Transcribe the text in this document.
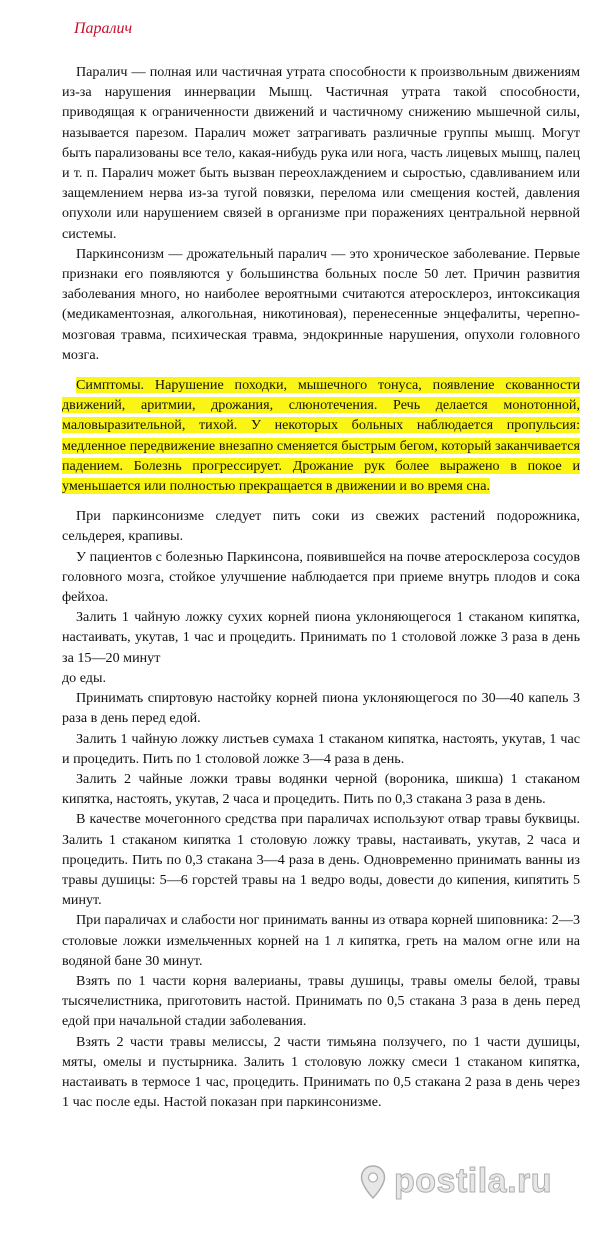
Паралич

Паралич — полная или частичная утрата способности к произвольным движениям из-за нарушения иннервации Мышц. Частичная утрата такой способности, приводящая к ограниченности движений и частичному снижению мышечной силы, называется парезом. Паралич может затрагивать различные группы мышц. Могут быть парализованы все тело, какая-нибудь рука или нога, часть лицевых мышц, палец и т. п. Паралич может быть вызван переохлаждением и сыростью, сдавливанием или защемлением нерва из-за тугой повязки, перелома или смещения костей, давления опухоли или нарушением связей в организме при поражениях центральной нервной системы.

Паркинсонизм — дрожательный паралич — это хроническое заболевание. Первые признаки его появляются у большинства больных после 50 лет. Причин развития заболевания много, но наиболее вероятными считаются атеросклероз, интоксикация (медикаментозная, алкогольная, никотиновая), перенесенные энцефалиты, черепно-мозговая травма, психическая травма, эндокринные нарушения, опухоли головного мозга.

Симптомы. Нарушение походки, мышечного тонуса, появление скованности движений, аритмии, дрожания, слюнотечения. Речь делается монотонной, маловыразительной, тихой. У некоторых больных наблюдается пропульсия: медленное передвижение внезапно сменяется быстрым бегом, который заканчивается падением. Болезнь прогрессирует. Дрожание рук более выражено в покое и уменьшается или полностью прекращается в движении и во время сна.

При паркинсонизме следует пить соки из свежих растений подорожника, сельдерея, крапивы.

У пациентов с болезнью Паркинсона, появившейся на почве атеросклероза сосудов головного мозга, стойкое улучшение наблюдается при приеме внутрь плодов и сока фейхоа.

Залить 1 чайную ложку сухих корней пиона уклоняющегося 1 стаканом кипятка, настаивать, укутав, 1 час и процедить. Принимать по 1 столовой ложке 3 раза в день за 15—20 минут

до еды.

Принимать спиртовую настойку корней пиона уклоняющегося по 30—40 капель 3 раза в день перед едой.

Залить 1 чайную ложку листьев сумаха 1 стаканом кипятка, настоять, укутав, 1 час и процедить. Пить по 1 столовой ложке 3—4 раза в день.

Залить 2 чайные ложки травы водянки черной (вороника, шикша) 1 стаканом кипятка, настоять, укутав, 2 часа и процедить. Пить по 0,3 стакана 3 раза в день.

В качестве мочегонного средства при параличах используют отвар травы буквицы. Залить 1 стаканом кипятка 1 столовую ложку травы, настаивать, укутав, 2 часа и процедить. Пить по 0,3 стакана 3—4 раза в день. Одновременно принимать ванны из травы душицы: 5—6 горстей травы на 1 ведро воды, довести до кипения, кипятить 5 минут.

При параличах и слабости ног принимать ванны из отвара корней шиповника: 2—3 столовые ложки измельченных корней на 1 л кипятка, греть на малом огне или на водяной бане 30 минут.

Взять по 1 части корня валерианы, травы душицы, травы омелы белой, травы тысячелистника, приготовить настой. Принимать по 0,5 стакана 3 раза в день перед едой при начальной стадии заболевания.

Взять 2 части травы мелиссы, 2 части тимьяна ползучего, по 1 части душицы, мяты, омелы и пустырника. Залить 1 столовую ложку смеси 1 стаканом кипятка, настаивать в термосе 1 час, процедить. Принимать по 0,5 стакана 2 раза в день через 1 час после еды. Настой показан при паркинсонизме.

postila.ru
